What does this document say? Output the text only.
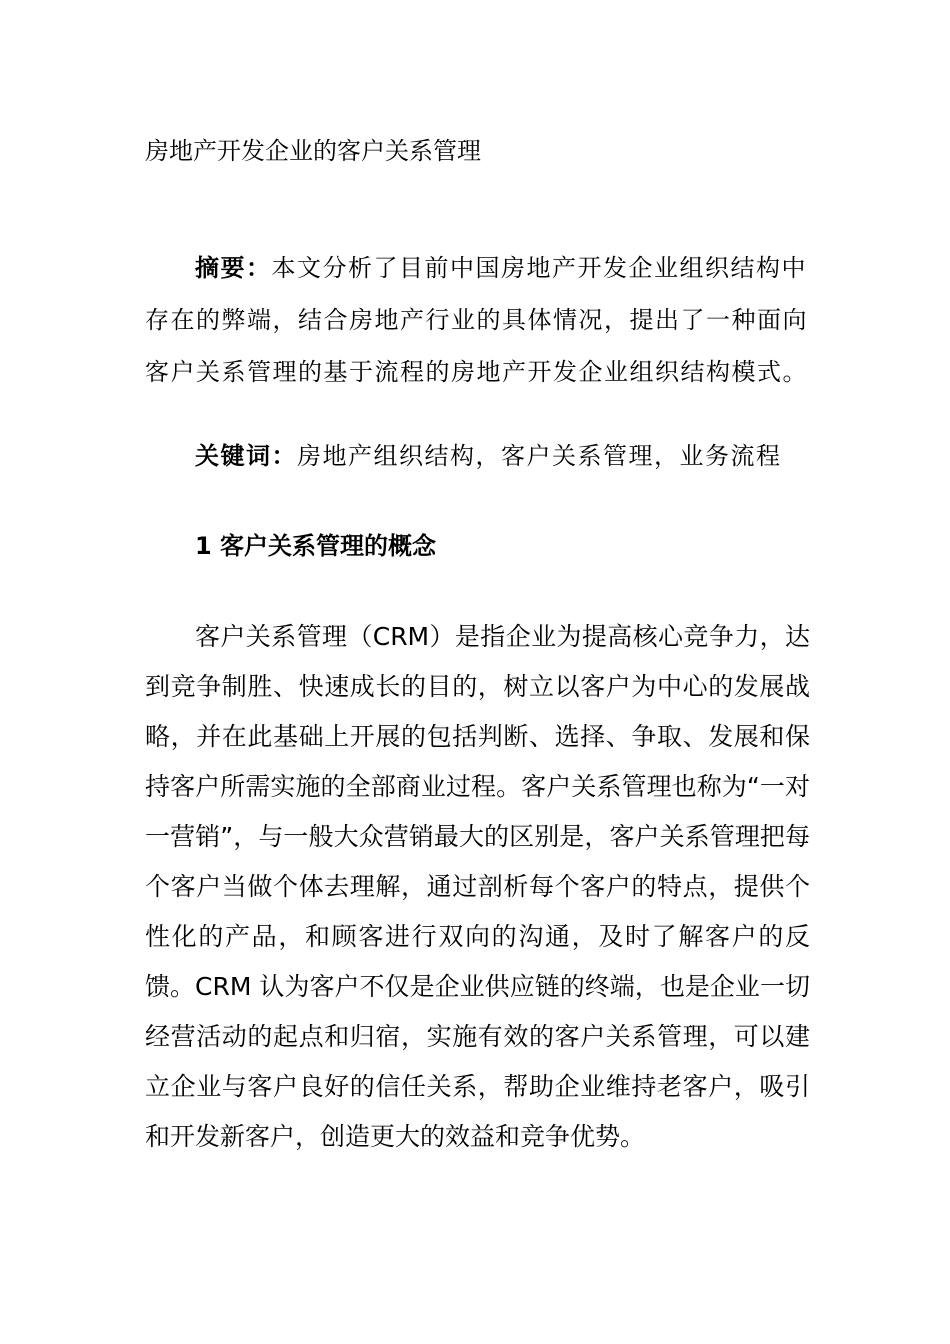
房地产开发企业的客户关系管理

摘要：本文分析了目前中国房地产开发企业组织结构中存在的弊端，结合房地产行业的具体情况，提出了一种面向客户关系管理的基于流程的房地产开发企业组织结构模式。

关键词：房地产组织结构，客户关系管理，业务流程

1 客户关系管理的概念

客户关系管理（CRM）是指企业为提高核心竞争力，达到竞争制胜、快速成长的目的，树立以客户为中心的发展战略，并在此基础上开展的包括判断、选择、争取、发展和保持客户所需实施的全部商业过程。客户关系管理也称为“一对一营销”，与一般大众营销最大的区别是，客户关系管理把每个客户当做个体去理解，通过剖析每个客户的特点，提供个性化的产品，和顾客进行双向的沟通，及时了解客户的反馈。CRM 认为客户不仅是企业供应链的终端，也是企业一切经营活动的起点和归宿，实施有效的客户关系管理，可以建立企业与客户良好的信任关系，帮助企业维持老客户，吸引和开发新客户，创造更大的效益和竞争优势。
